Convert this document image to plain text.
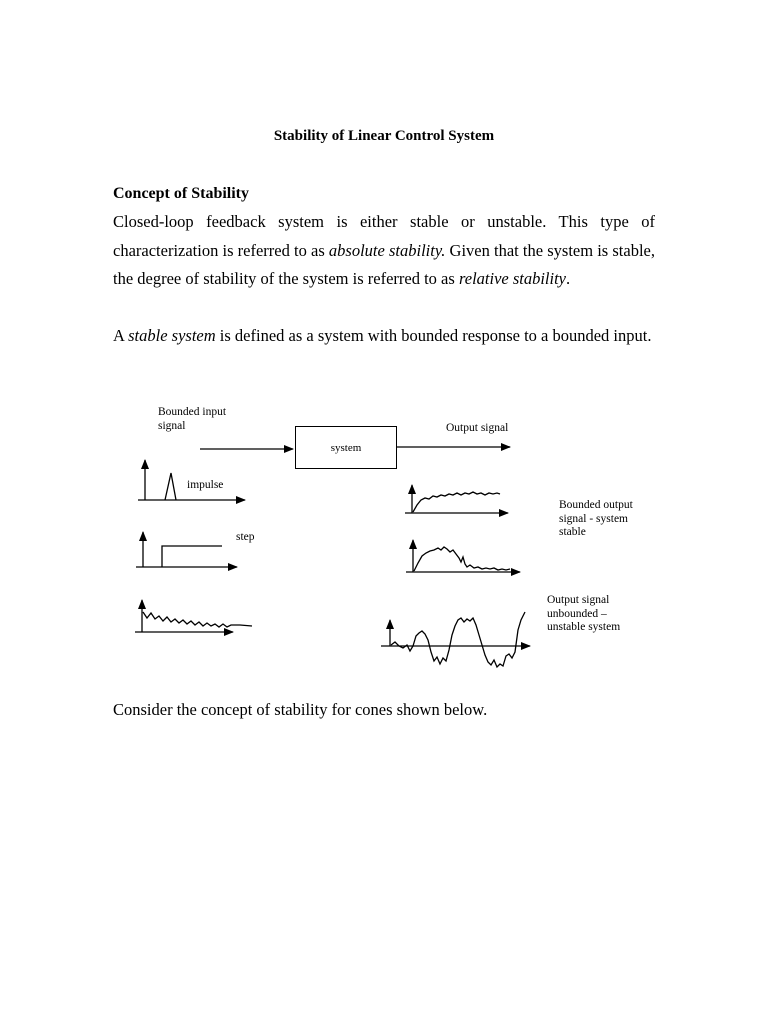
Stability of Linear Control System
Concept of Stability
Closed-loop feedback system is either stable or unstable. This type of characterization is referred to as absolute stability. Given that the system is stable, the degree of stability of the system is referred to as relative stability.
A stable system is defined as a system with bounded response to a bounded input.
system
Bounded input
signal	Output signal
impulse
step
Bounded output
signal - system
stable
Output signal
unbounded –
unstable system
Consider the concept of stability for cones shown below.
